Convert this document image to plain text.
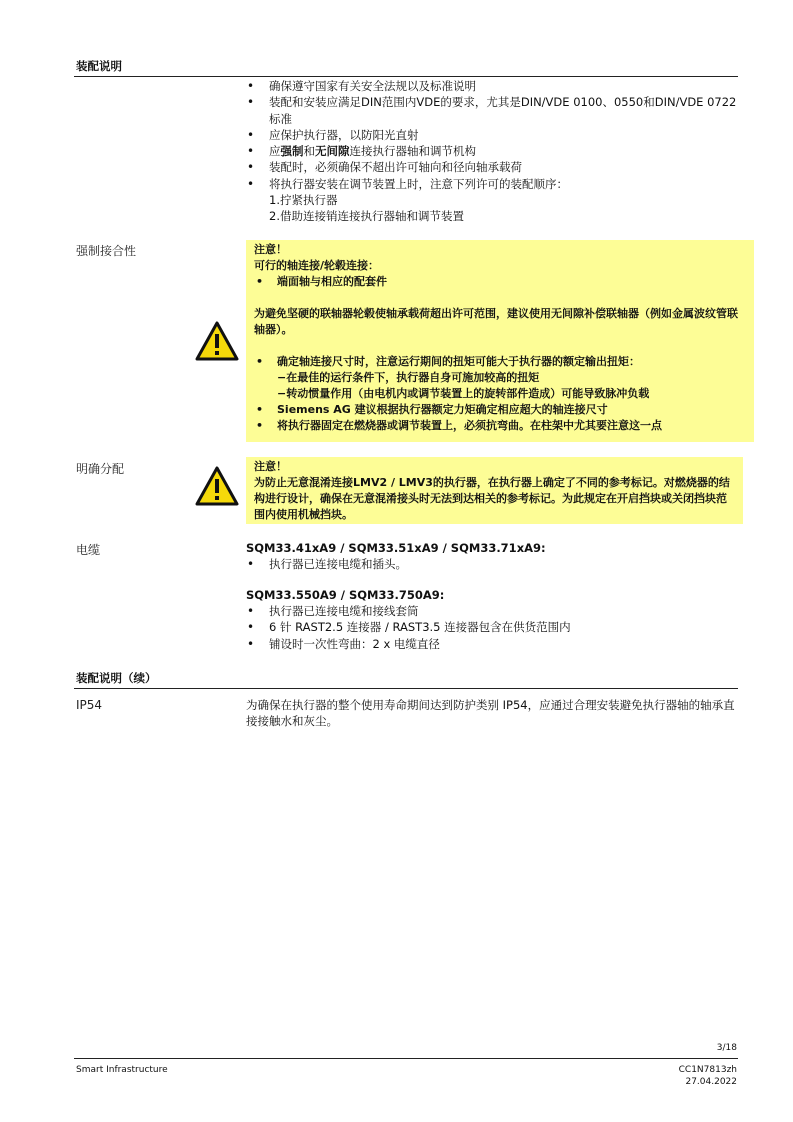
装配说明
• 确保遵守国家有关安全法规以及标准说明
• 装配和安装应满足DIN范围内VDE的要求，尤其是DIN/VDE 0100、0550和DIN/VDE 0722标准
• 应保护执行器，以防阳光直射
• 应强制和无间隙连接执行器轴和调节机构
• 装配时，必须确保不超出许可轴向和径向轴承载荷
• 将执行器安装在调节装置上时，注意下列许可的装配顺序：
1.拧紧执行器
2.借助连接销连接执行器轴和调节装置
强制接合性	注意！
可行的轴连接/轮毂连接：
• 端面轴与相应的配套件
为避免坚硬的联轴器轮毂使轴承载荷超出许可范围，建议使用无间隙补偿联轴器（例如金属波纹管联轴器）。
• 确定轴连接尺寸时，注意运行期间的扭矩可能大于执行器的额定输出扭矩：
−在最佳的运行条件下，执行器自身可施加较高的扭矩
−转动惯量作用（由电机内或调节装置上的旋转部件造成）可能导致脉冲负载
• Siemens AG 建议根据执行器额定力矩确定相应超大的轴连接尺寸
• 将执行器固定在燃烧器或调节装置上，必须抗弯曲。在柱架中尤其要注意这一点
明确分配	注意！
为防止无意混淆连接LMV2 / LMV3的执行器，在执行器上确定了不同的参考标记。对燃烧器的结构进行设计，确保在无意混淆接头时无法到达相关的参考标记。为此规定在开启挡块或关闭挡块范围内使用机械挡块。
电缆	SQM33.41xA9 / SQM33.51xA9 / SQM33.71xA9:
• 执行器已连接电缆和插头。
SQM33.550A9 / SQM33.750A9:
• 执行器已连接电缆和接线套筒
• 6 针 RAST2.5 连接器 / RAST3.5 连接器包含在供货范围内
• 铺设时一次性弯曲：2 x 电缆直径
装配说明（续）
IP54	为确保在执行器的整个使用寿命期间达到防护类别 IP54，应通过合理安装避免执行器轴的轴承直接接触水和灰尘。
3/18
Smart Infrastructure	CC1N7813zh
27.04.2022
